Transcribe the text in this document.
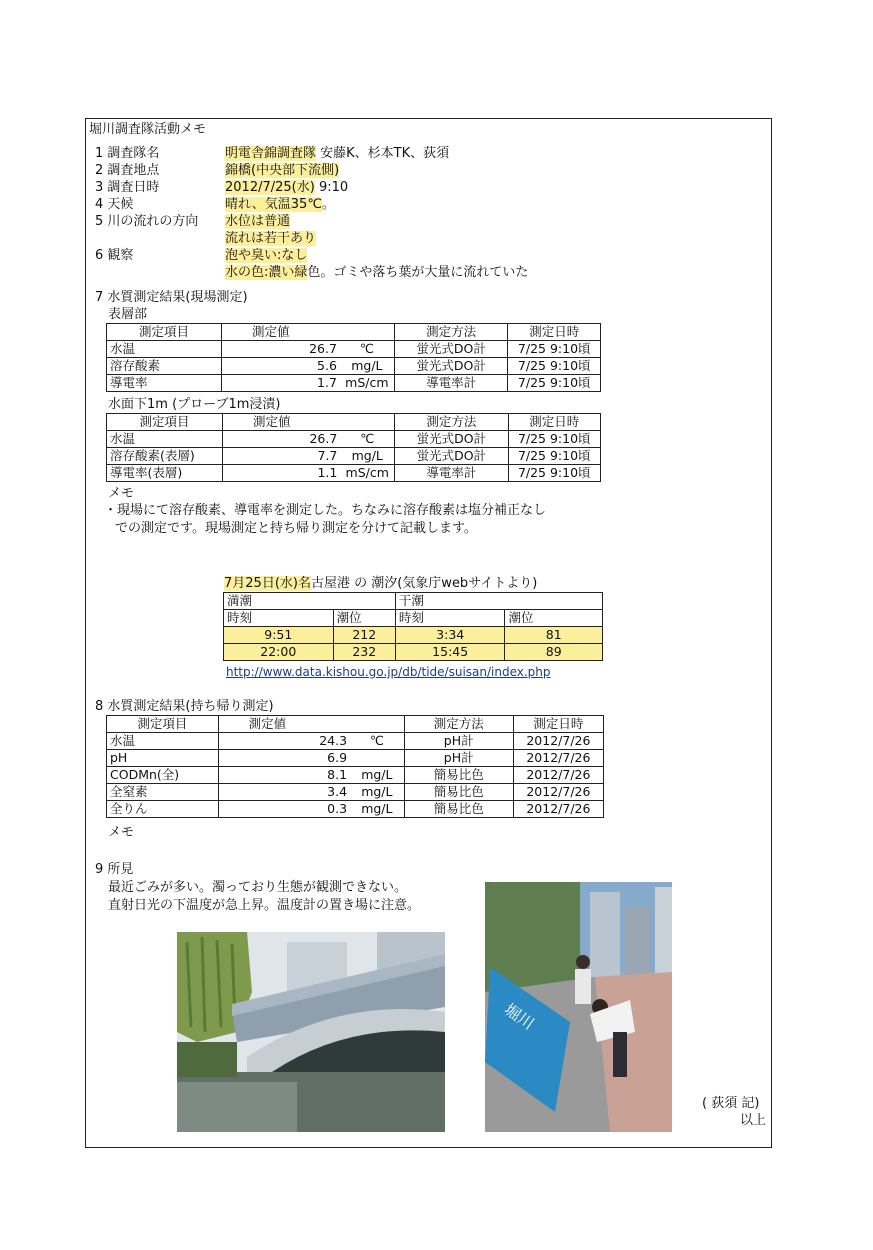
堀川調査隊活動メモ
1 調査隊名	明電舎錦調査隊 安藤K、杉本TK、荻須
2 調査地点	錦橋(中央部下流側)
3 調査日時	2012/7/25(水) 9:10
4 天候	晴れ、気温35℃。
5 川の流れの方向 水位は普通
流れは若干あり
6 観察	泡や臭い:なし
水の色:濃い緑色。ゴミや落ち葉が大量に流れていた
7 水質測定結果(現場測定)
表層部
測定項目	測定値		測定方法	測定日時
水温	26.7	℃	蛍光式DO計	7/25 9:10頃
溶存酸素	5.6	mg/L	蛍光式DO計	7/25 9:10頃
導電率	1.7	mS/cm	導電率計	7/25 9:10頃
水面下1m (プローブ1m浸漬)
測定項目	測定値		測定方法	測定日時
水温	26.7	℃	蛍光式DO計	7/25 9:10頃
溶存酸素(表層)	7.7	mg/L	蛍光式DO計	7/25 9:10頃
導電率(表層)	1.1	mS/cm	導電率計	7/25 9:10頃
メモ
・現場にて溶存酸素、導電率を測定した。ちなみに溶存酸素は塩分補正なし
での測定です。現場測定と持ち帰り測定を分けて記載します。
7月25日(水)名古屋港 の 潮汐(気象庁webサイトより)
満潮		干潮	
時刻	潮位	時刻	潮位
9:51	212	3:34	81
22:00	232	15:45	89
http://www.data.kishou.go.jp/db/tide/suisan/index.php
8 水質測定結果(持ち帰り測定)
測定項目	測定値		測定方法	測定日時
水温	24.3	℃	pH計	2012/7/26
pH	6.9		pH計	2012/7/26
CODMn(全)	8.1	mg/L	簡易比色	2012/7/26
全窒素	3.4	mg/L	簡易比色	2012/7/26
全りん	0.3	mg/L	簡易比色	2012/7/26
メモ
9 所見
最近ごみが多い。濁っており生態が観測できない。
直射日光の下温度が急上昇。温度計の置き場に注意。
堀川
( 荻須 記)
以上
